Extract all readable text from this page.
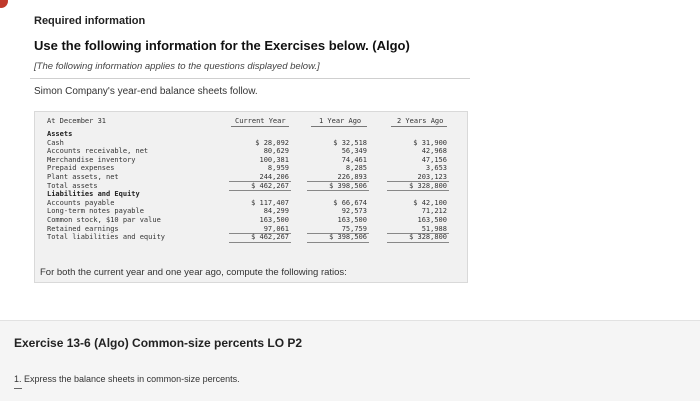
Required information
Use the following information for the Exercises below. (Algo)
[The following information applies to the questions displayed below.]
Simon Company's year-end balance sheets follow.
At December 31	Current Year	1 Year Ago	2 Years Ago
Assets
Cash	$ 28,092	$ 32,518	$ 31,900
Accounts receivable, net	80,629	56,349	42,968
Merchandise inventory	100,381	74,461	47,156
Prepaid expenses	8,959	8,285	3,653
Plant assets, net	244,206	226,893	203,123
Total assets	$ 462,267	$ 398,506	$ 328,800
Liabilities and Equity
Accounts payable	$ 117,407	$ 66,674	$ 42,100
Long-term notes payable	84,299	92,573	71,212
Common stock, $10 par value	163,500	163,500	163,500
Retained earnings	97,061	75,759	51,988
Total liabilities and equity	$ 462,267	$ 398,506	$ 328,800
For both the current year and one year ago, compute the following ratios:
Exercise 13-6 (Algo) Common-size percents LO P2
1. Express the balance sheets in common-size percents.
